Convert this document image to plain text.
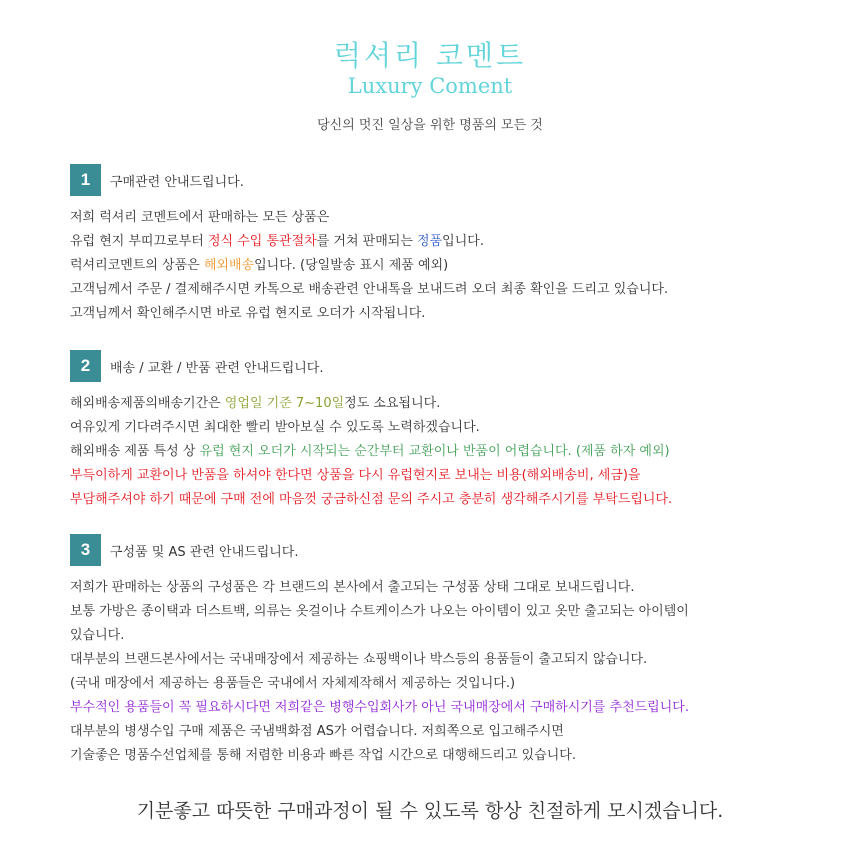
럭셔리 코멘트
Luxury Coment
당신의 멋진 일상을 위한 명품의 모든 것
1	구매관련 안내드립니다.
저희 럭셔리 코멘트에서 판매하는 모든 상품은
유럽 현지 부띠끄로부터 정식 수입 통관절차를 거쳐 판매되는 정품입니다.
럭셔리코멘트의 상품은 해외배송입니다. (당일발송 표시 제품 예외)
고객님께서 주문 / 결제해주시면 카톡으로 배송관련 안내톡을 보내드려 오더 최종 확인을 드리고 있습니다.
고객님께서 확인해주시면 바로 유럽 현지로 오더가 시작됩니다.
2	배송 / 교환 / 반품 관련 안내드립니다.
해외배송제품의배송기간은 영업일 기준 7~10일정도 소요됩니다.
여유있게 기다려주시면 최대한 빨리 받아보실 수 있도록 노력하겠습니다.
해외배송 제품 특성 상 유럽 현지 오더가 시작되는 순간부터 교환이나 반품이 어렵습니다. (제품 하자 예외)
부득이하게 교환이나 반품을 하셔야 한다면 상품을 다시 유럽현지로 보내는 비용(해외배송비, 세금)을
부담해주셔야 하기 때문에 구매 전에 마음껏 궁금하신점 문의 주시고 충분히 생각해주시기를 부탁드립니다.
3	구성품 및 AS 관련 안내드립니다.
저희가 판매하는 상품의 구성품은 각 브랜드의 본사에서 출고되는 구성품 상태 그대로 보내드립니다.
보통 가방은 종이택과 더스트백, 의류는 옷걸이나 수트케이스가 나오는 아이템이 있고 옷만 출고되는 아이템이
있습니다.
대부분의 브랜드본사에서는 국내매장에서 제공하는 쇼핑백이나 박스등의 용품들이 출고되지 않습니다.
(국내 매장에서 제공하는 용품들은 국내에서 자체제작해서 제공하는 것입니다.)
부수적인 용품들이 꼭 필요하시다면 저희같은 병행수입회사가 아닌 국내매장에서 구매하시기를 추천드립니다.
대부분의 병생수입 구매 제품은 국냄백화점 AS가 어렵습니다. 저희쪽으로 입고해주시면
기술좋은 명품수선업체를 통해 저렴한 비용과 빠른 작업 시간으로 대행해드리고 있습니다.
기분좋고 따뜻한 구매과정이 될 수 있도록 항상 친절하게 모시겠습니다.
